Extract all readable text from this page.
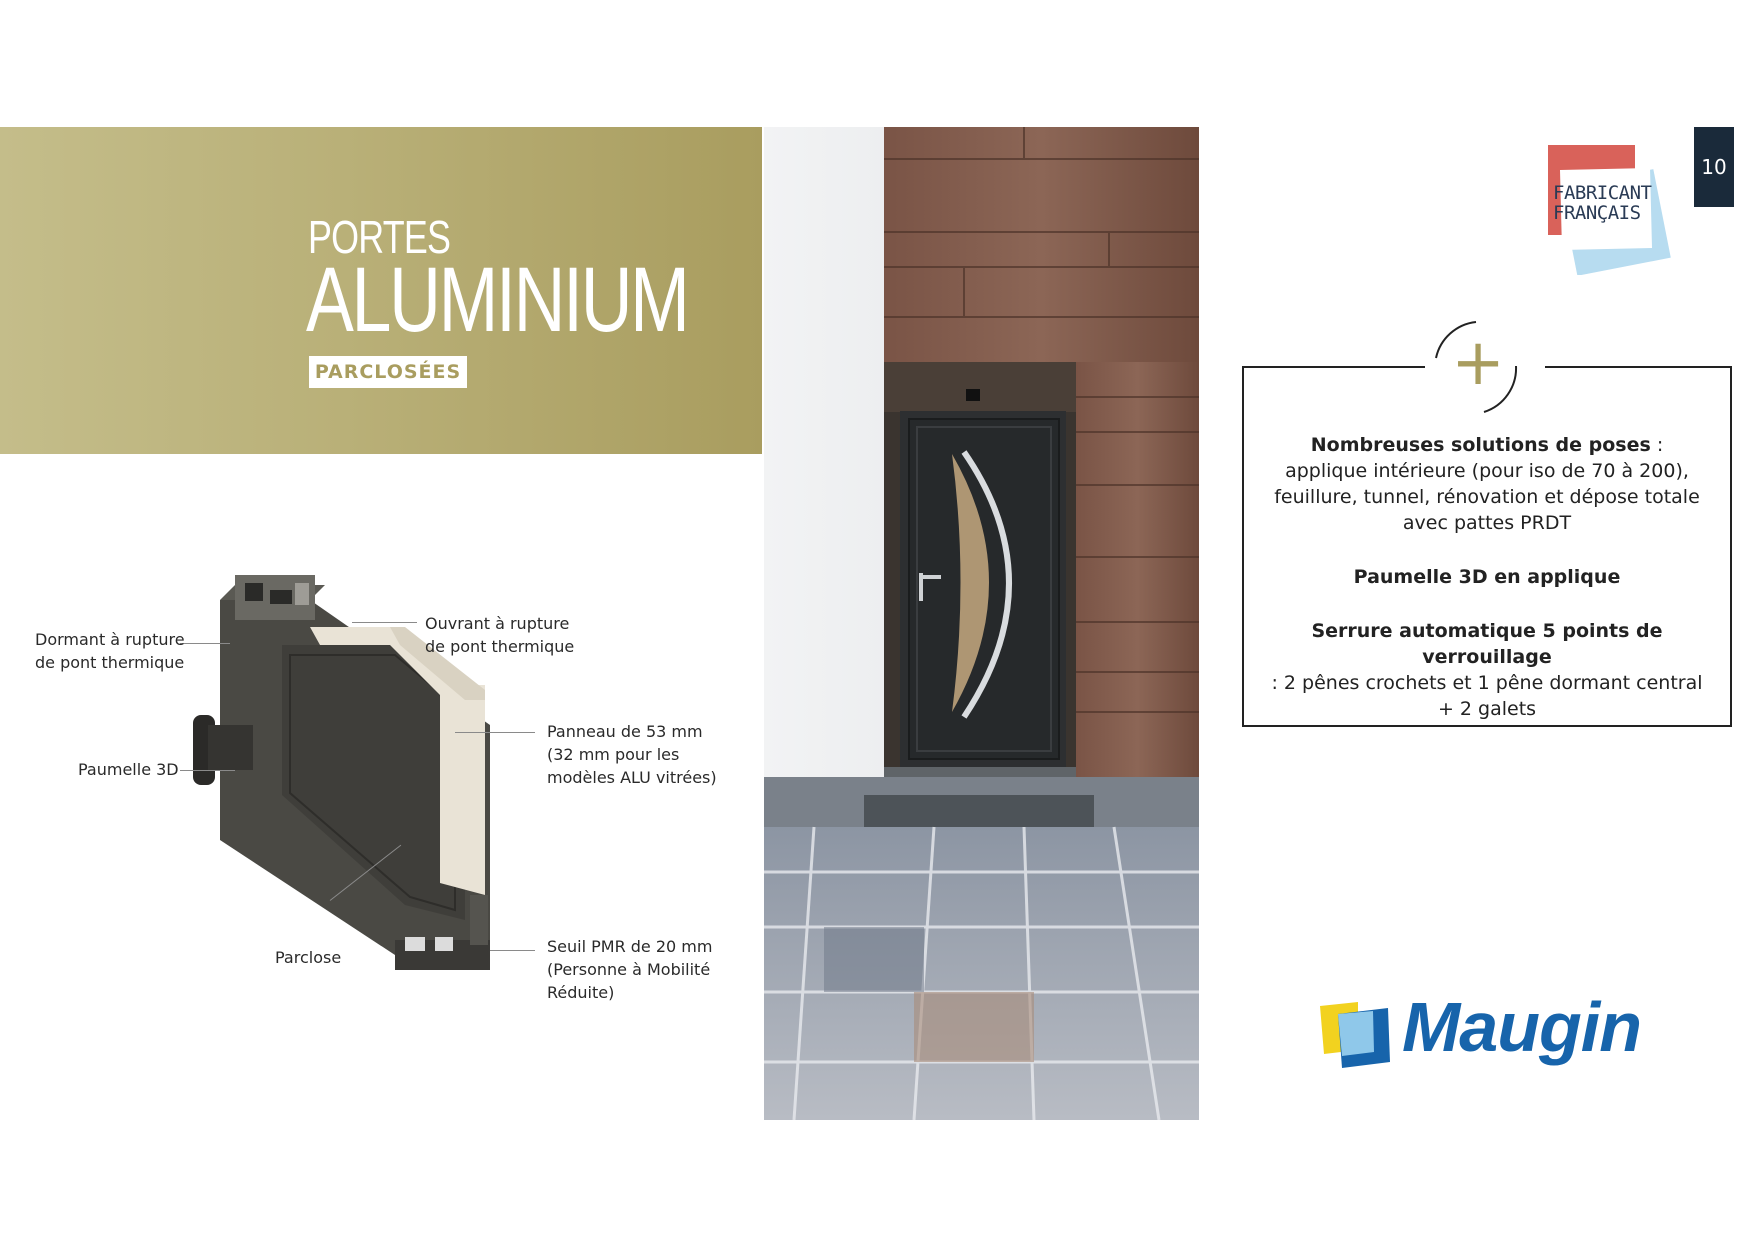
PORTES
ALUMINIUM
PARCLOSÉES
Dormant à rupture
de pont thermique
Ouvrant à rupture
de pont thermique
Panneau de 53 mm
(32 mm pour les
modèles ALU vitrées)
Paumelle 3D
Parclose
Seuil PMR de 20 mm
(Personne à Mobilité
Réduite)
10
FABRICANT
FRANÇAIS
+

Nombreuses solutions de poses :
applique intérieure (pour iso de 70 à 200),
feuillure, tunnel, rénovation et dépose totale
avec pattes PRDT

Paumelle 3D en applique

Serrure automatique 5 points de verrouillage
: 2 pênes crochets et 1 pêne dormant central
+ 2 galets

Maugin
